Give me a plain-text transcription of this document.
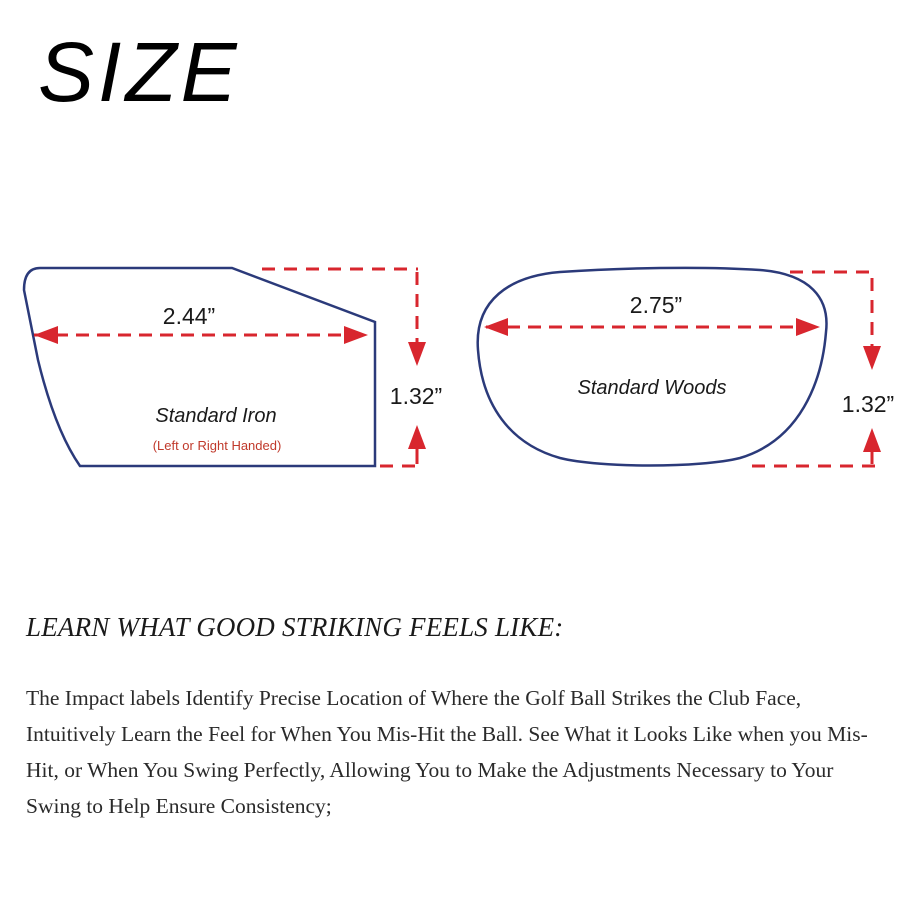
SIZE
2.44”
1.32”
Standard Iron
(Left or Right Handed)
2.75”
1.32”
Standard Woods
LEARN WHAT GOOD STRIKING FEELS LIKE:
The Impact labels Identify Precise Location of Where the Golf Ball Strikes the Club Face, Intuitively Learn the Feel for When You Mis-Hit the Ball. See What it Looks Like when you Mis-Hit, or When You Swing Perfectly, Allowing You to Make the Adjustments Necessary to Your Swing to Help Ensure Consistency;
